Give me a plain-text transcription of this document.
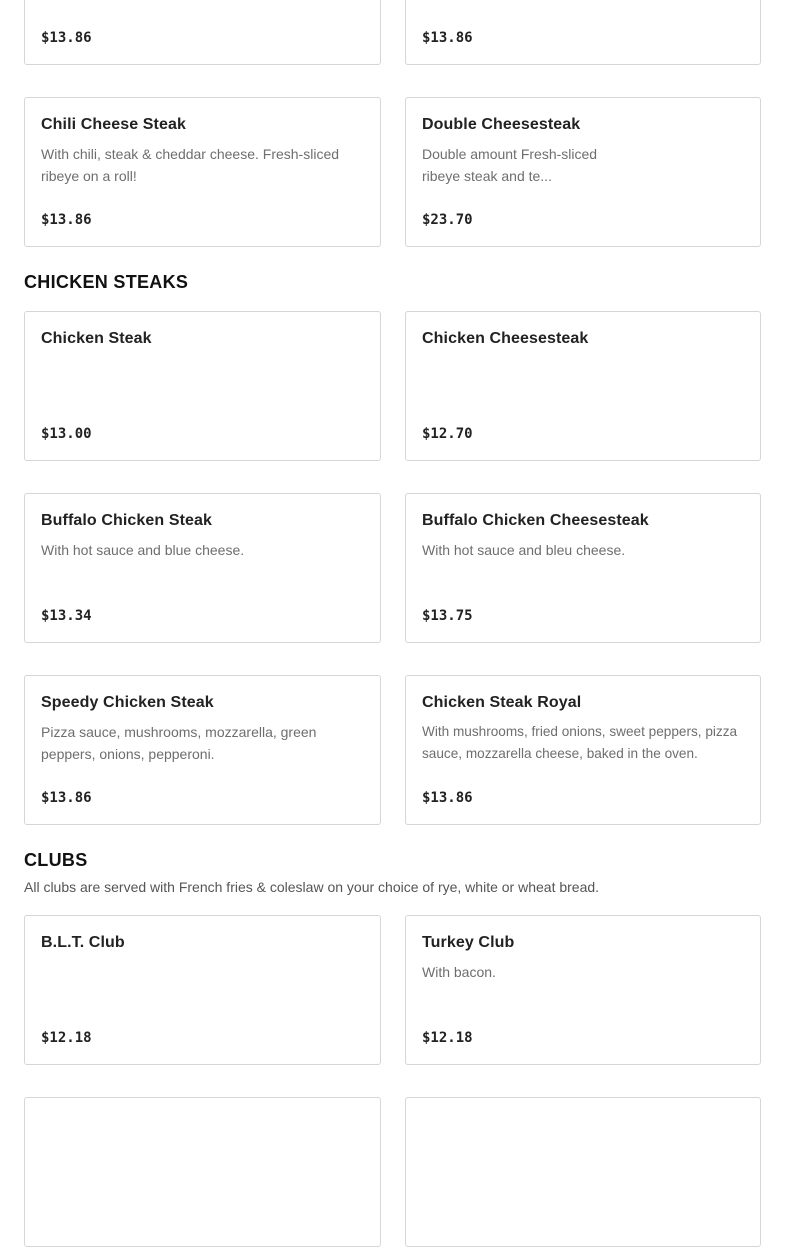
$13.86	$13.86
Chili Cheese Steak
With chili, steak & cheddar cheese. Fresh-sliced ribeye on a roll!
$13.86
Double Cheesesteak
Double amount Fresh-sliced ribeye steak and te...
$23.70
CHICKEN STEAKS
Chicken Steak
$13.00
Chicken Cheesesteak
$12.70
Buffalo Chicken Steak
With hot sauce and blue cheese.
$13.34
Buffalo Chicken Cheesesteak
With hot sauce and bleu cheese.
$13.75
Speedy Chicken Steak
Pizza sauce, mushrooms, mozzarella, green peppers, onions, pepperoni.
$13.86
Chicken Steak Royal
With mushrooms, fried onions, sweet peppers, pizza sauce, mozzarella cheese, baked in the oven.
$13.86
CLUBS
All clubs are served with French fries & coleslaw on your choice of rye, white or wheat bread.
B.L.T. Club
$12.18
Turkey Club
With bacon.
$12.18
